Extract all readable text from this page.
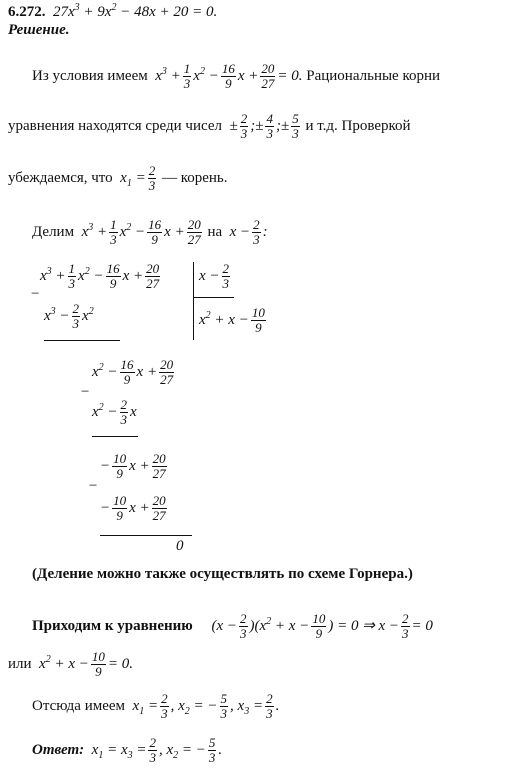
6.272.  $27x^3 + 9x^2 - 48x + 20 = 0$.
Решение.
Из условия имеем  $x^3 + \frac{1}{3} x^2 - \frac{16}{9}$ $x + \frac{20}{27} = 0$. Рациональные корни
уравнения находятся среди чисел  ± $\frac{2}{3}$ ;± $\frac{4}{3}$ ;± $\frac{5}{3}$ и т.д. Проверкой
убеждаемся, что  $x_1 = \frac{2}{3}$ — корень.
Делим  $x^3 + \frac{1}{3} x^2 - \frac{16}{9}$ $x + \frac{20}{27}$ на  $x - \frac{2}{3}$ :
$x^3 + \frac{1}{3} x^2 - \frac{16}{9}$ $x + \frac{20}{27}$	$x - \frac{2}{3}$
−
$x^3 - \frac{2}{3} x^2$
$x^2 + x - \frac{10}{9}$
$x^2 - \frac{16}{9}$ $x + \frac{20}{27}$
−
$x^2 - \frac{2}{3}$ x
− $\frac{10}{9}$ $x + \frac{20}{27}$
−
− $\frac{10}{9}$ $x + \frac{20}{27}$
0
(Деление можно также осуществлять по схеме Горнера.)
Приходим к уравнению     $(x - \frac{2}{3} )(x^2 + x - \frac{10}{9}$ ) = 0 ⇒ $x - \frac{2}{3} = 0$
или  $x^2 + x - \frac{10}{9} = 0$.
Отсюда имеем  $x_1 = \frac{2}{3}$ , $x_2$ = − $\frac{5}{3}$ , $x_3 = \frac{2}{3}$ .
Ответ:  $x_1 = x_3 = \frac{2}{3}$ , $x_2$ = − $\frac{5}{3}$ .
